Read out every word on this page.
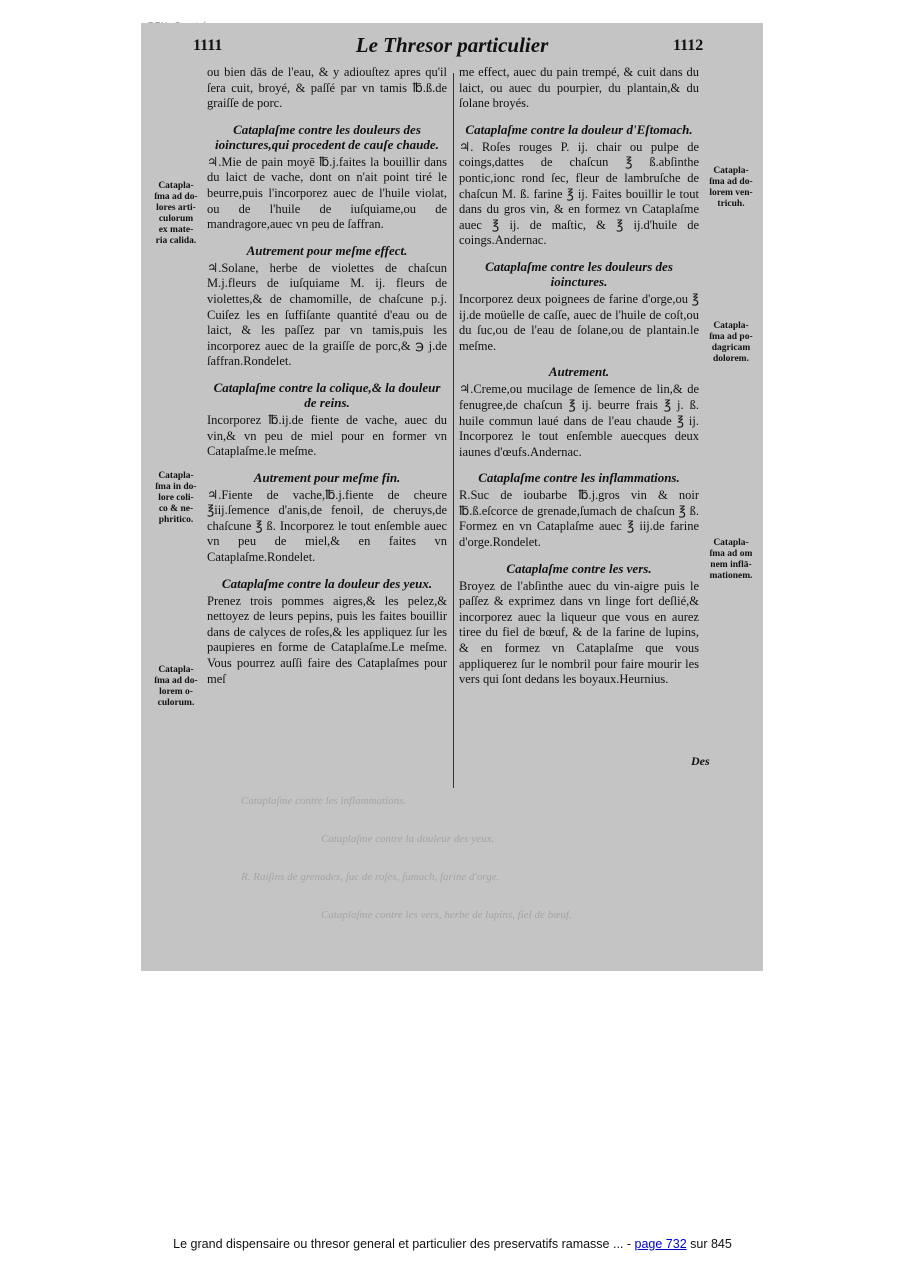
1111	Le Thresor particulier	1112

ou bien dās de l'eau, & y adiouſtez apres qu'il ſera cuit, broyé, & paſſé par vn tamis ℔.ß.de graiſſe de porc.

Cataplaſme contre les douleurs des ioinctures,qui procedent de cauſe chaude.

♃.Mie de pain moyē ℔.j.faites la bouillir dans du laict de vache, dont on n'ait point tiré le beurre,puis l'incorporez auec de l'huile violat, ou de l'huile de iuſquiame,ou de mandragore,auec vn peu de ſaffran.

Autrement pour meſme effect.

♃.Solane, herbe de violettes de chaſcun M.j.fleurs de iuſquiame M. ij. fleurs de violettes,& de chamomille, de chaſcune p.j. Cuiſez les en ſuffiſante quantité d'eau ou de laict, & les paſſez par vn tamis,puis les incorporez auec de la graiſſe de porc,& ℈ j.de ſaffran.Rondelet.

Cataplaſme contre la colique,& la douleur de reins.

Incorporez ℔.ij.de fiente de vache, auec du vin,& vn peu de miel pour en former vn Cataplaſme.le meſme.

Autrement pour meſme fin.

♃.Fiente de vache,℔.j.fiente de cheure ℥iij.ſemence d'anis,de fenoil, de cheruys,de chaſcune ℥ ß. Incorporez le tout enſemble auec vn peu de miel,& en faites vn Cataplaſme.Rondelet.

Cataplaſme contre la douleur des yeux.

Prenez trois pommes aigres,& les pelez,& nettoyez de leurs pepins, puis les faites bouillir dans de calyces de roſes,& les appliquez ſur les paupieres en forme de Cataplaſme.Le meſme. Vous pourrez auſſi faire des Cataplaſmes pour meſ

me effect, auec du pain trempé, & cuit dans du laict, ou auec du pourpier, du plantain,& du ſolane broyés.

Cataplaſme contre la douleur d'Eſtomach.

♃. Roſes rouges P. ij. chair ou pulpe de coings,dattes de chaſcun ℥ ß.abſinthe pontic,ionc rond ſec, fleur de lambruſche de chaſcun M. ß. farine ℥ ij. Faites bouillir le tout dans du gros vin, & en formez vn Cataplaſme auec ℥ ij. de maſtic, & ℥ ij.d'huile de coings.Andernac.

Cataplaſme contre les douleurs des ioinctures.

Incorporez deux poignees de farine d'orge,ou ℥ ij.de moüelle de caſſe, auec de l'huile de coſt,ou du ſuc,ou de l'eau de ſolane,ou de plantain.le meſme.

Autrement.

♃.Creme,ou mucilage de ſemence de lin,& de fenugree,de chaſcun ℥ ij. beurre frais ℥ j. ß. huile commun laué dans de l'eau chaude ℥ ij. Incorporez le tout enſemble auecques deux iaunes d'œufs.Andernac.

Cataplaſme contre les inflammations.

R.Suc de ioubarbe ℔.j.gros vin & noir ℔.ß.eſcorce de grenade,ſumach de chaſcun ℥ ß. Formez en vn Cataplaſme auec ℥ iij.de farine d'orge.Rondelet.

Cataplaſme contre les vers.

Broyez de l'abſinthe auec du vin-aigre puis le paſſez & exprimez dans vn linge fort deſlié,& incorporez auec la liqueur que vous en aurez tiree du fiel de bœuf, & de la farine de lupins, & en formez vn Cataplaſme que vous appliquerez ſur le nombril pour faire mourir les vers qui ſont dedans les boyaux.Heurnius.

Catapla-
ſma ad do-
lores arti-
culorum
ex mate-
ria calida.
Catapla-
ſma in do-
lore coli-
co & ne-
phritico.
Catapla-
ſma ad do-
lorem o-
culorum.
Catapla-
ſma ad do-
lorem ven-
tricuh.
Catapla-
ſma ad po-
dagricam
dolorem.
Catapla-
ſma ad om
nem inflā-
mationem.
Des
Cataplaſme contre les inflammations.
Cataplaſme contre la douleur des yeux.
R. Raiſins de grenades, ſuc de roſes, ſumach, farine d'orge.
Cataplaſme contre les vers, herbe de lupins, fiel de bœuf.
Le grand dispensaire ou thresor general et particulier des preservatifs ramasse ... - page 732 sur 845
